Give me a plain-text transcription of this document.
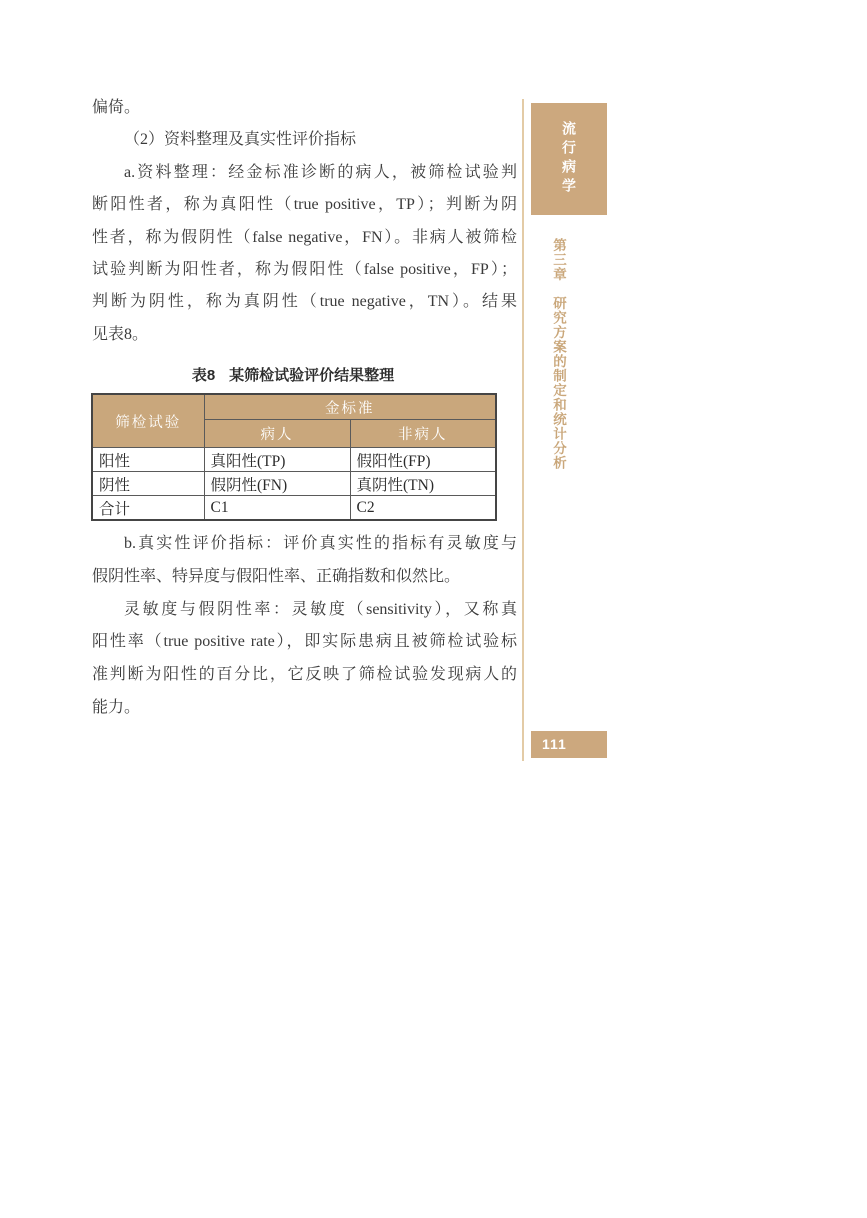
偏倚。
（2）资料整理及真实性评价指标
a.资料整理：经金标准诊断的病人，被筛检试验判
断阳性者，称为真阳性（true positive，TP）；判断为阴
性者，称为假阴性（false negative，FN）。非病人被筛检
试验判断为阳性者，称为假阳性（false positive，FP）；
判断为阴性，称为真阴性（true negative，TN）。结果
见表8。
表8 某筛检试验评价结果整理
筛检试验	金标准	
	病人	非病人
阳性	真阳性(TP)	假阳性(FP)
阴性	假阴性(FN)	真阴性(TN)
合计	C1	C2
b.真实性评价指标：评价真实性的指标有灵敏度与
假阴性率、特异度与假阳性率、正确指数和似然比。
灵敏度与假阴性率：灵敏度（sensitivity），又称真
阳性率（true positive rate），即实际患病且被筛检试验标
准判断为阳性的百分比，它反映了筛检试验发现病人的
能力。
流行病学
第三章　研究方案的制定和统计分析
111
